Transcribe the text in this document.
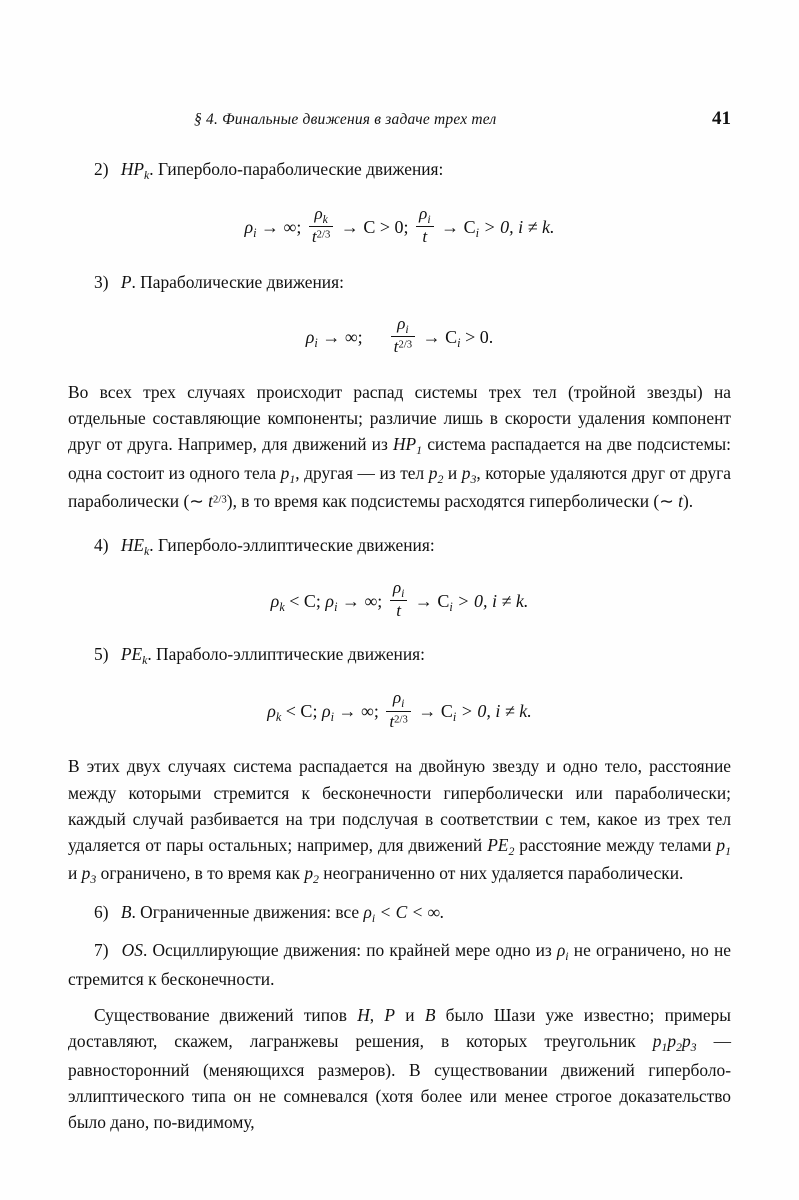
§ 4. Финальные движения в задаче трех тел	41

2) $HP_k$. Гиперболо-параболические движения:

$\rho_i$ → ∞; $\frac{\rho_k}{t^{2/3}} \to C > 0$; $\frac{\rho_i}{t} \to C_i > 0$, i ≠ k.

3) P. Параболические движения:

$\rho_i$ → ∞; $\frac{\rho_i}{t^{2/3}} \to C_i > 0$.

Во всех трех случаях происходит распад системы трех тел (тройной звезды) на отдельные составляющие компоненты; различие лишь в скорости удаления компонент друг от друга. Например, для движений из $HP_1$ система распадается на две подсистемы: одна состоит из одного тела $p_1$, другая — из тел $p_2$ и $p_3$, которые удаляются друг от друга параболически (∼ $t^{2/3}$), в то время как подсистемы расходятся гиперболически (∼ t).

4) $HE_k$. Гиперболо-эллиптические движения:

$\rho_k < C$; $\rho_i$ → ∞; $\frac{\rho_i}{t} \to C_i > 0$, i ≠ k.

5) $PE_k$. Параболо-эллиптические движения:

$\rho_k < C$; $\rho_i$ → ∞; $\frac{\rho_i}{t^{2/3}} \to C_i > 0$, i ≠ k.

В этих двух случаях система распадается на двойную звезду и одно тело, расстояние между которыми стремится к бесконечности гиперболически или параболически; каждый случай разбивается на три подслучая в соответствии с тем, какое из трех тел удаляется от пары остальных; например, для движений $PE_2$ расстояние между телами $p_1$ и $p_3$ ограничено, в то время как $p_2$ неограниченно от них удаляется параболически.

6) B. Ограниченные движения: все $\rho_i < C$ < ∞.

7) OS. Осциллирующие движения: по крайней мере одно из $\rho_i$ не ограничено, но не стремится к бесконечности.

Существование движений типов H, P и B было Шази уже известно; примеры доставляют, скажем, лагранжевы решения, в которых треугольник $p_1p_2p_3$ — равносторонний (меняющихся размеров). В существовании движений гиперболо-эллиптического типа он не сомневался (хотя более или менее строгое доказательство было дано, по-видимому,
